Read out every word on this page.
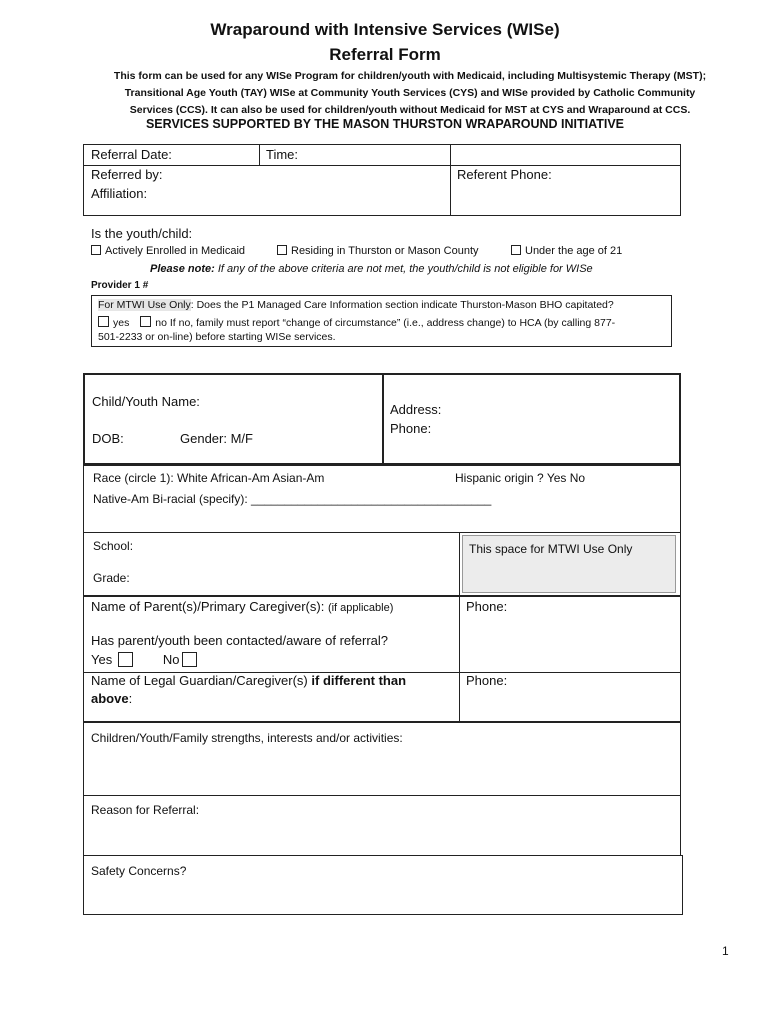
Wraparound with Intensive Services (WISe)
Referral Form
This form can be used for any WISe Program for children/youth with Medicaid, including Multisystemic Therapy (MST);
Transitional Age Youth (TAY) WISe at Community Youth Services (CYS) and WISe provided by Catholic Community
Services (CCS). It can also be used for children/youth without Medicaid for MST at CYS and Wraparound at CCS.
SERVICES SUPPORTED BY THE MASON THURSTON WRAPAROUND INITIATIVE
Referral Date:	Time:
Referred by:
Affiliation:
Referent Phone:
Is the youth/child:
Actively Enrolled in Medicaid	Residing in Thurston or Mason County	Under the age of 21
Please note: If any of the above criteria are not met, the youth/child is not eligible for WISe
Provider 1 #
For MTWI Use Only: Does the P1 Managed Care Information section indicate Thurston-Mason BHO capitated?
yes no If no, family must report “change of circumstance” (i.e., address change) to HCA (by calling 877-
501-2233 or on-line) before starting WISe services.
Child/Youth Name:
DOB:	Gender: M/F
Address:
Phone:
Race (circle 1): White African-Am Asian-Am	Hispanic origin ? Yes No
Native-Am Bi-racial (specify): ____________________________________
School:
Grade:
This space for MTWI Use Only
Name of Parent(s)/Primary Caregiver(s): (if applicable)	Phone:
Has parent/youth been contacted/aware of referral?
Yes	No
Name of Legal Guardian/Caregiver(s) if different than
above:
Phone:
Children/Youth/Family strengths, interests and/or activities:
Reason for Referral:
Safety Concerns?
1
